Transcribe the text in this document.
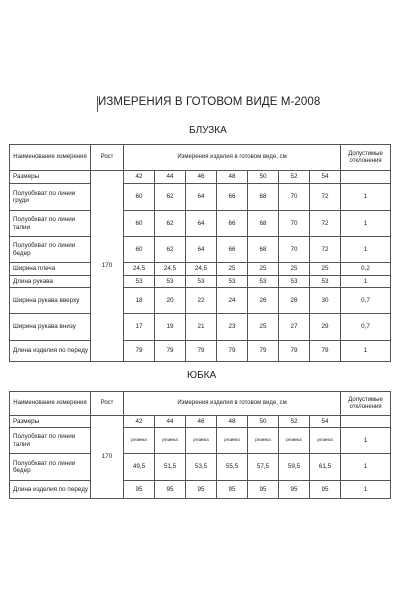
ИЗМЕРЕНИЯ В ГОТОВОМ ВИДЕ М-2008
БЛУЗКА
Наименование измерения	Рост	Измерения изделия в готовом виде, см							Допустимые отклонения
Размеры	170	42	44	46	48	50	52	54	
Полуобхват по линии груди		60	62	64	66	68	70	72	1
Полуобхват по линии талии		60	62	64	66	68	70	72	1
Полуобхват по линии бедер		60	62	64	66	68	70	72	1
Ширина плеча		24,5	24,5	24,5	25	25	25	25	0,2
Длина рукава		53	53	53	53	53	53	53	1
Ширина рукава вверху		18	20	22	24	26	28	30	0,7
Ширина рукава внизу		17	19	21	23	25	27	29	0,7
Длина изделия по переду		79	79	79	79	79	79	79	1
ЮБКА
Наименование измерения	Рост	Измерения изделия в готовом виде, см							Допустимые отклонения
Размеры	170	42	44	46	48	50	52	54	
Полуобхват по линии талии		резинка	резинка	резинка	резинка	резинка	резинка	резинка	1
Полуобхват по линии бедер		49,5	51,5	53,5	55,5	57,5	59,5	61,5	1
Длина изделия по переду		95	95	95	95	95	95	95	1
